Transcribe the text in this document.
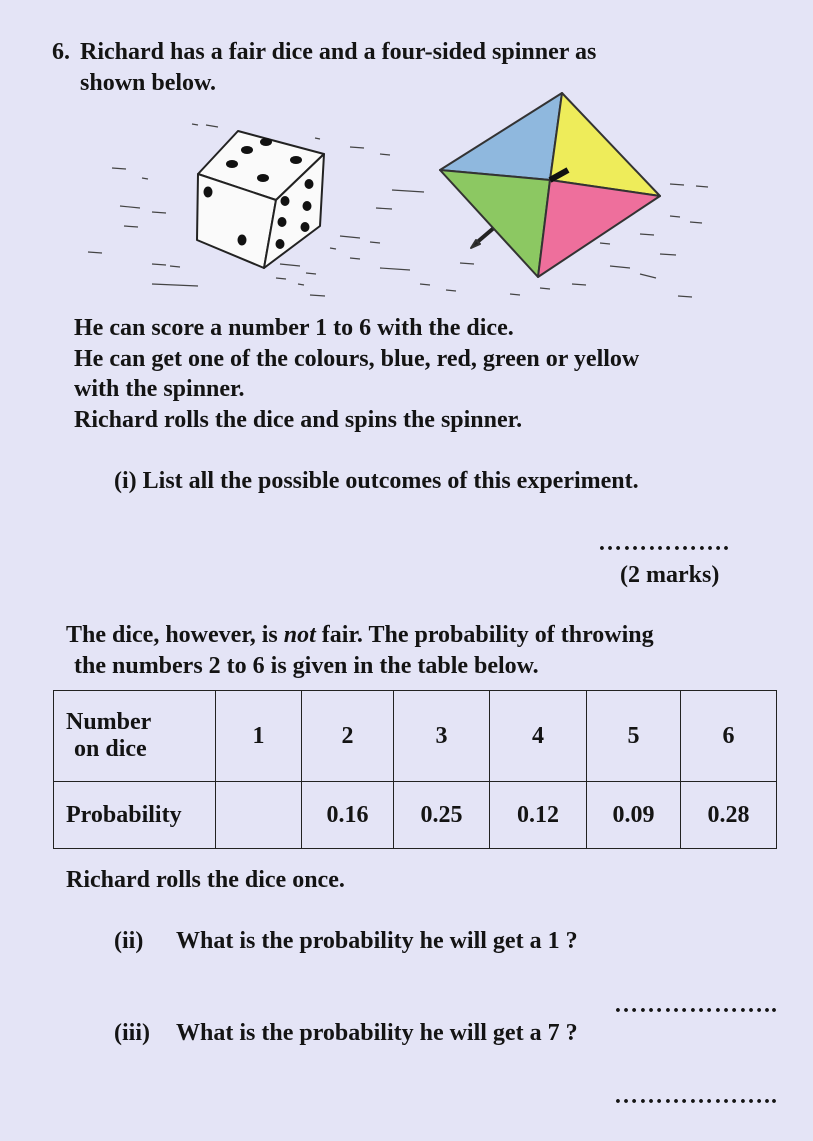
6. Richard has a fair dice and a four-sided spinner as
shown below.
He can score a number 1 to 6 with the dice.
He can get one of the colours, blue, red, green or yellow
with the spinner.
Richard rolls the dice and spins the spinner.
(i) List all the possible outcomes of this experiment.
…………….
(2 marks)
The dice, however, is not fair. The probability of throwing
the numbers 2 to 6 is given in the table below.
Number
on dice	1	2	3	4	5	6
Probability		0.16	0.25	0.12	0.09	0.28
Richard rolls the dice once.
(ii) What is the probability he will get a 1 ?
………………..
(iii) What is the probability he will get a 7 ?
………………..
